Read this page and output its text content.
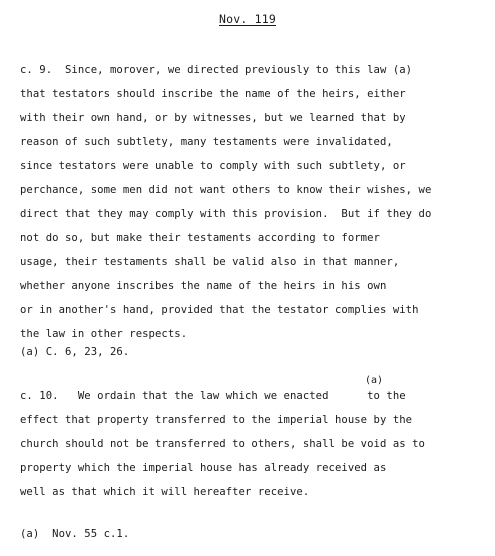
Nov. 119
c. 9.  Since, morover, we directed previously to this law (a)
that testators should inscribe the name of the heirs, either
with their own hand, or by witnesses, but we learned that by
reason of such subtlety, many testaments were invalidated,
since testators were unable to comply with such subtlety, or
perchance, some men did not want others to know their wishes, we
direct that they may comply with this provision.  But if they do
not do so, but make their testaments according to former
usage, their testaments shall be valid also in that manner,
whether anyone inscribes the name of the heirs in his own
or in another's hand, provided that the testator complies with
the law in other respects.
(a) C. 6, 23, 26.
(a)
c. 10.   We ordain that the law which we enacted      to the
effect that property transferred to the imperial house by the
church should not be transferred to others, shall be void as to
property which the imperial house has already received as
well as that which it will hereafter receive.
(a)  Nov. 55 c.1.
